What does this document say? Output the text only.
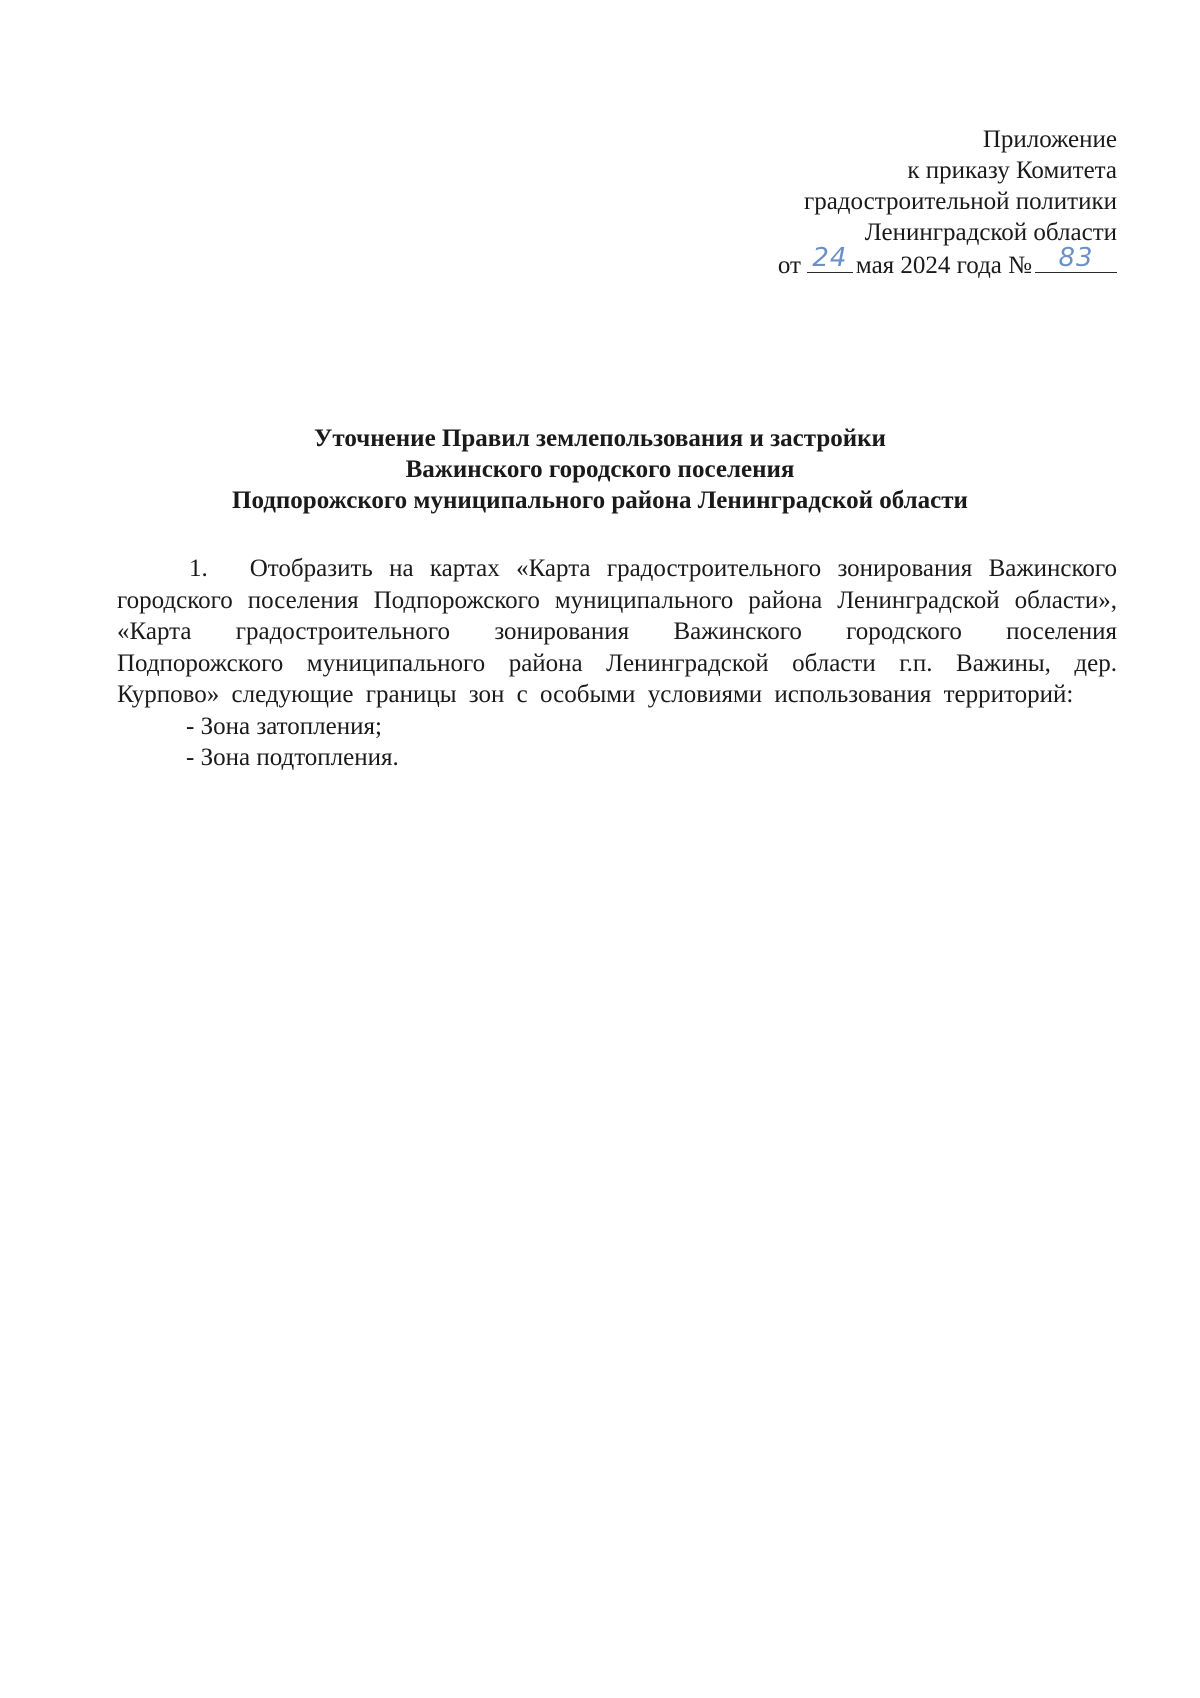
Приложение
к приказу Комитета
градостроительной политики
Ленинградской области
от 24 мая 2024 года №	83
Уточнение Правил землепользования и застройки
Важинского городского поселения
Подпорожского муниципального района Ленинградской области

1. Отобразить на картах «Карта градостроительного зонирования Важинского городского поселения Подпорожского муниципального района Ленинградской области», «Карта градостроительного зонирования Важинского городского поселения Подпорожского муниципального района Ленинградской области г.п. Важины, дер. Курпово» следующие границы зон с особыми условиями использования территорий:

- Зона затопления;
- Зона подтопления.
